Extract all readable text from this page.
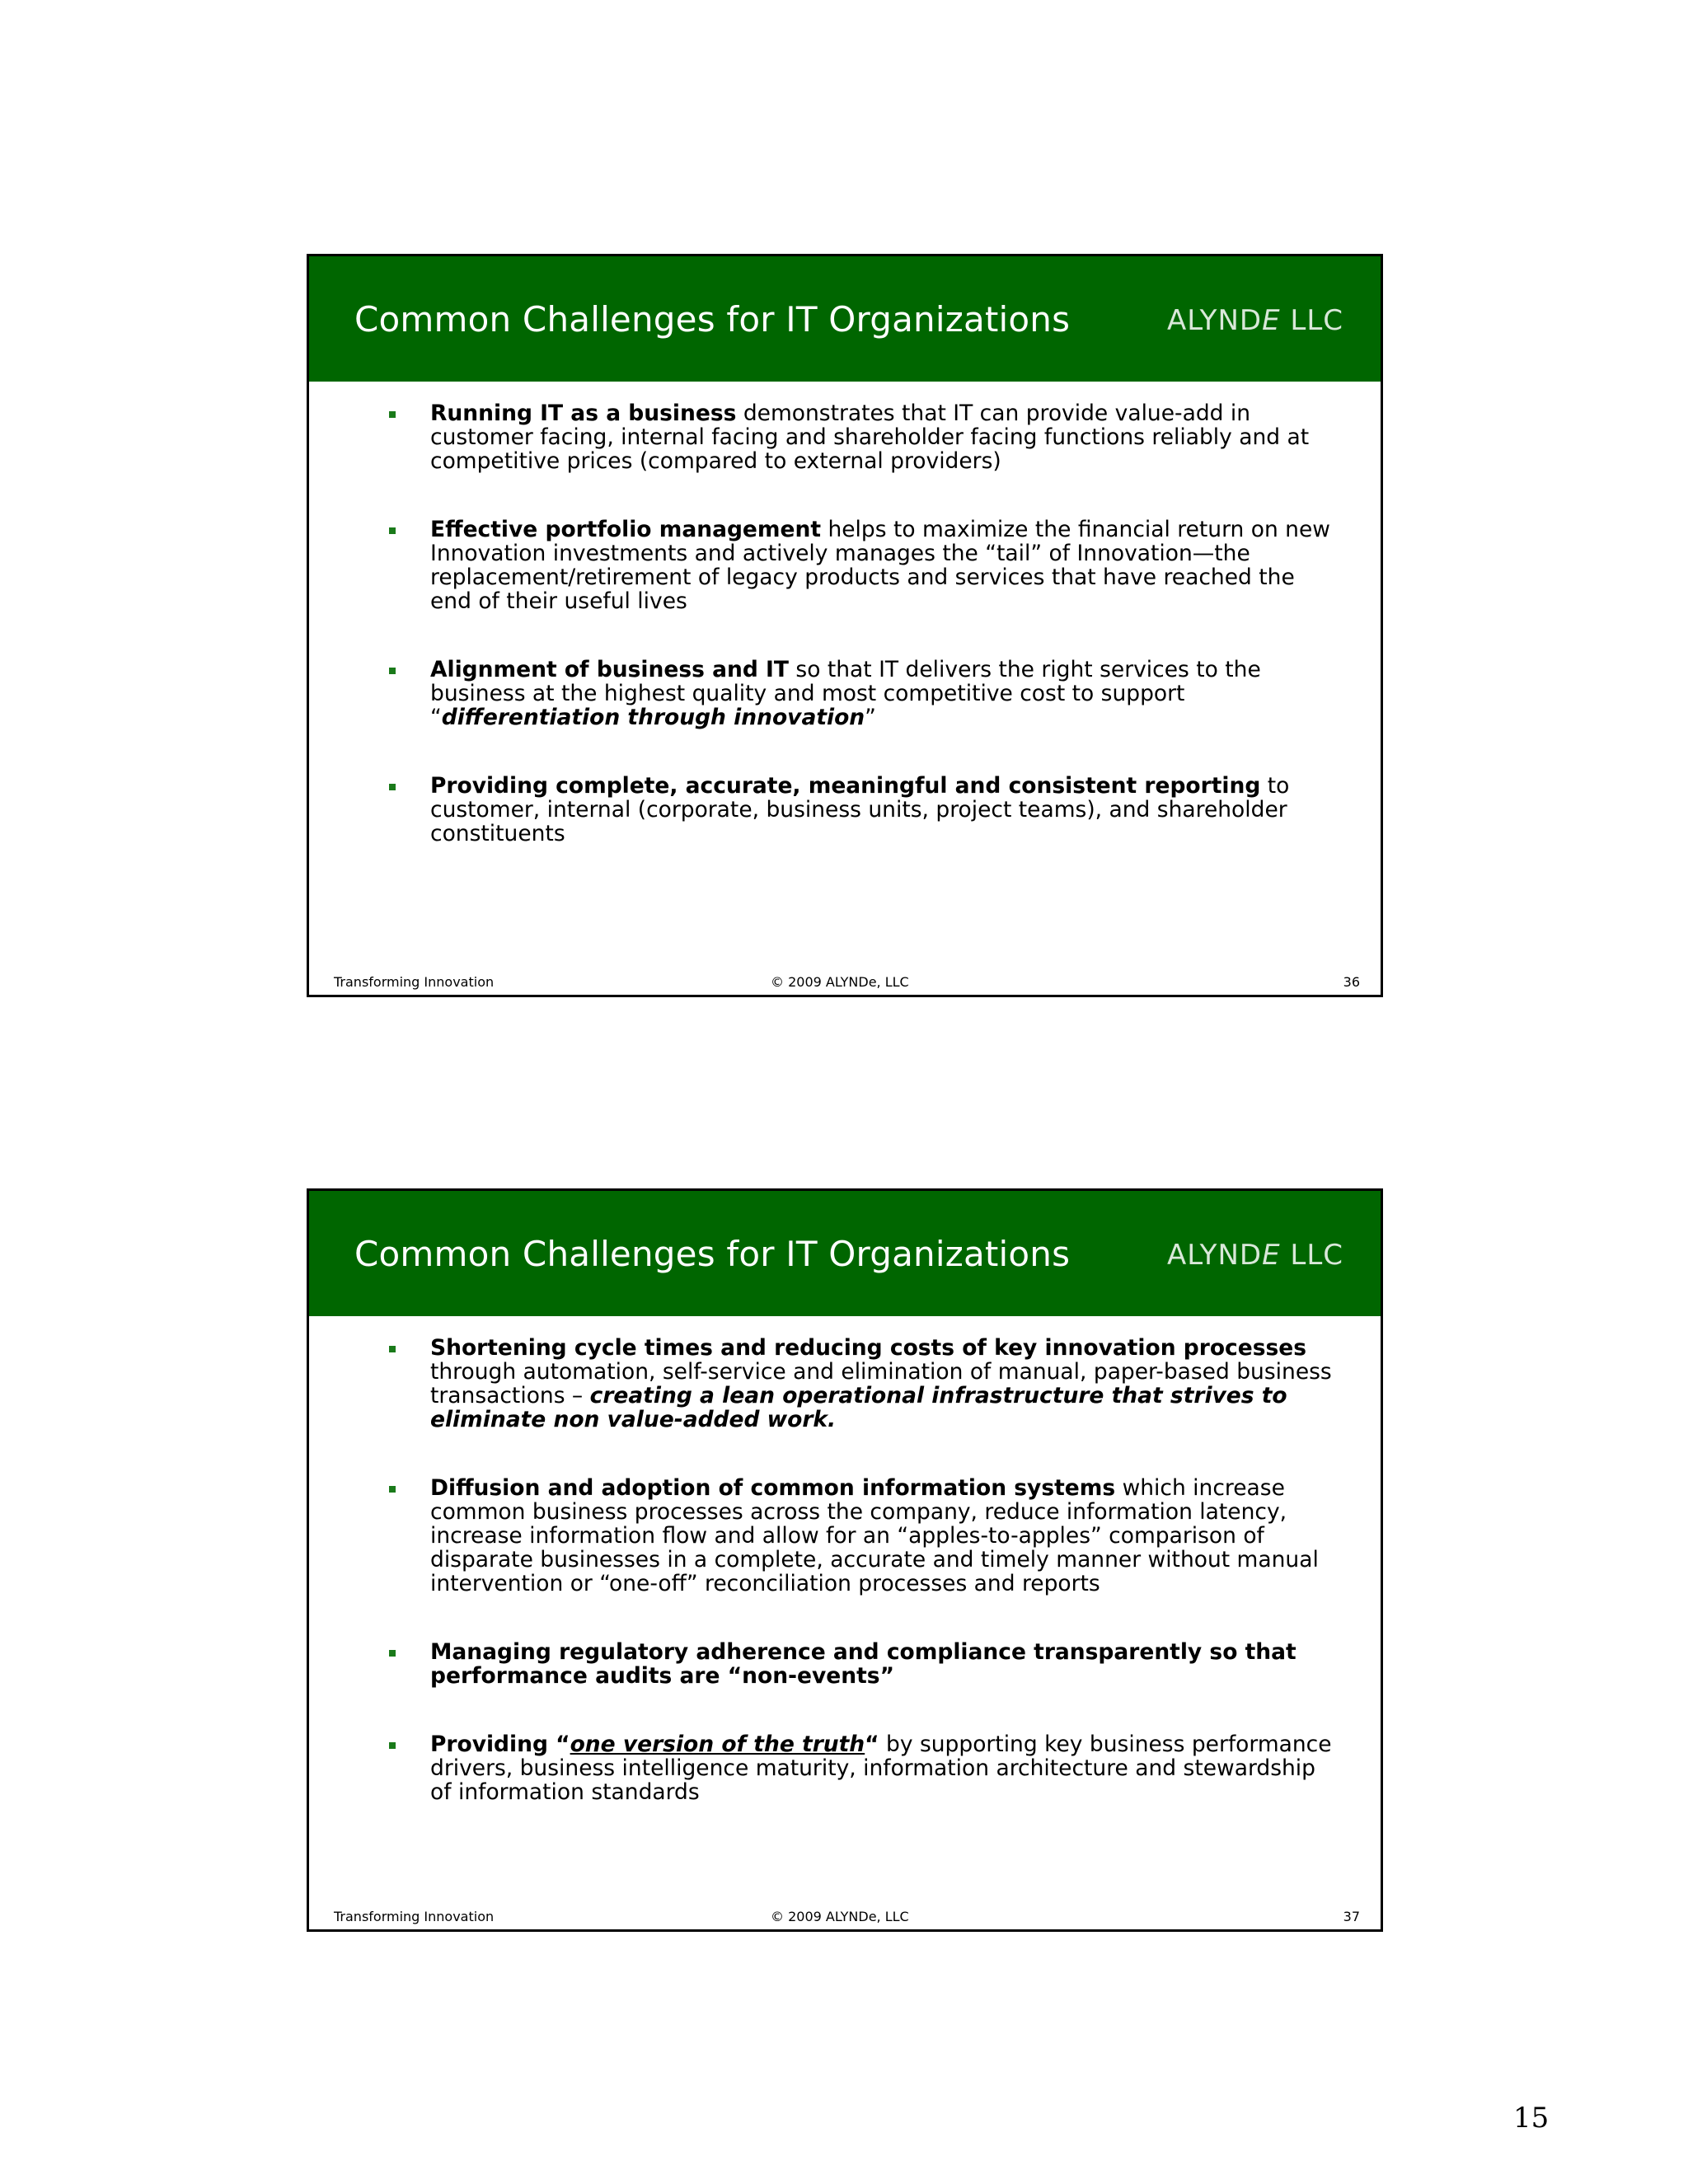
Common Challenges for IT Organizations	ALYNDE LLC
Running IT as a business demonstrates that IT can provide value-add in
customer facing, internal facing and shareholder facing functions reliably and at
competitive prices (compared to external providers)
Effective portfolio management helps to maximize the financial return on new
Innovation investments and actively manages the “tail” of Innovation—the
replacement/retirement of legacy products and services that have reached the
end of their useful lives
Alignment of business and IT so that IT delivers the right services to the
business at the highest quality and most competitive cost to support
“differentiation through innovation”
Providing complete, accurate, meaningful and consistent reporting to
customer, internal (corporate, business units, project teams), and shareholder
constituents
Transforming Innovation	© 2009 ALYNDe, LLC	36
Common Challenges for IT Organizations	ALYNDE LLC
Shortening cycle times and reducing costs of key innovation processes
through automation, self-service and elimination of manual, paper-based business
transactions – creating a lean operational infrastructure that strives to
eliminate non value-added work.
Diffusion and adoption of common information systems which increase
common business processes across the company, reduce information latency,
increase information flow and allow for an “apples-to-apples” comparison of
disparate businesses in a complete, accurate and timely manner without manual
intervention or “one-off” reconciliation processes and reports
Managing regulatory adherence and compliance transparently so that
performance audits are “non-events”
Providing “one version of the truth“ by supporting key business performance
drivers, business intelligence maturity, information architecture and stewardship
of information standards
Transforming Innovation	© 2009 ALYNDe, LLC	37
15
